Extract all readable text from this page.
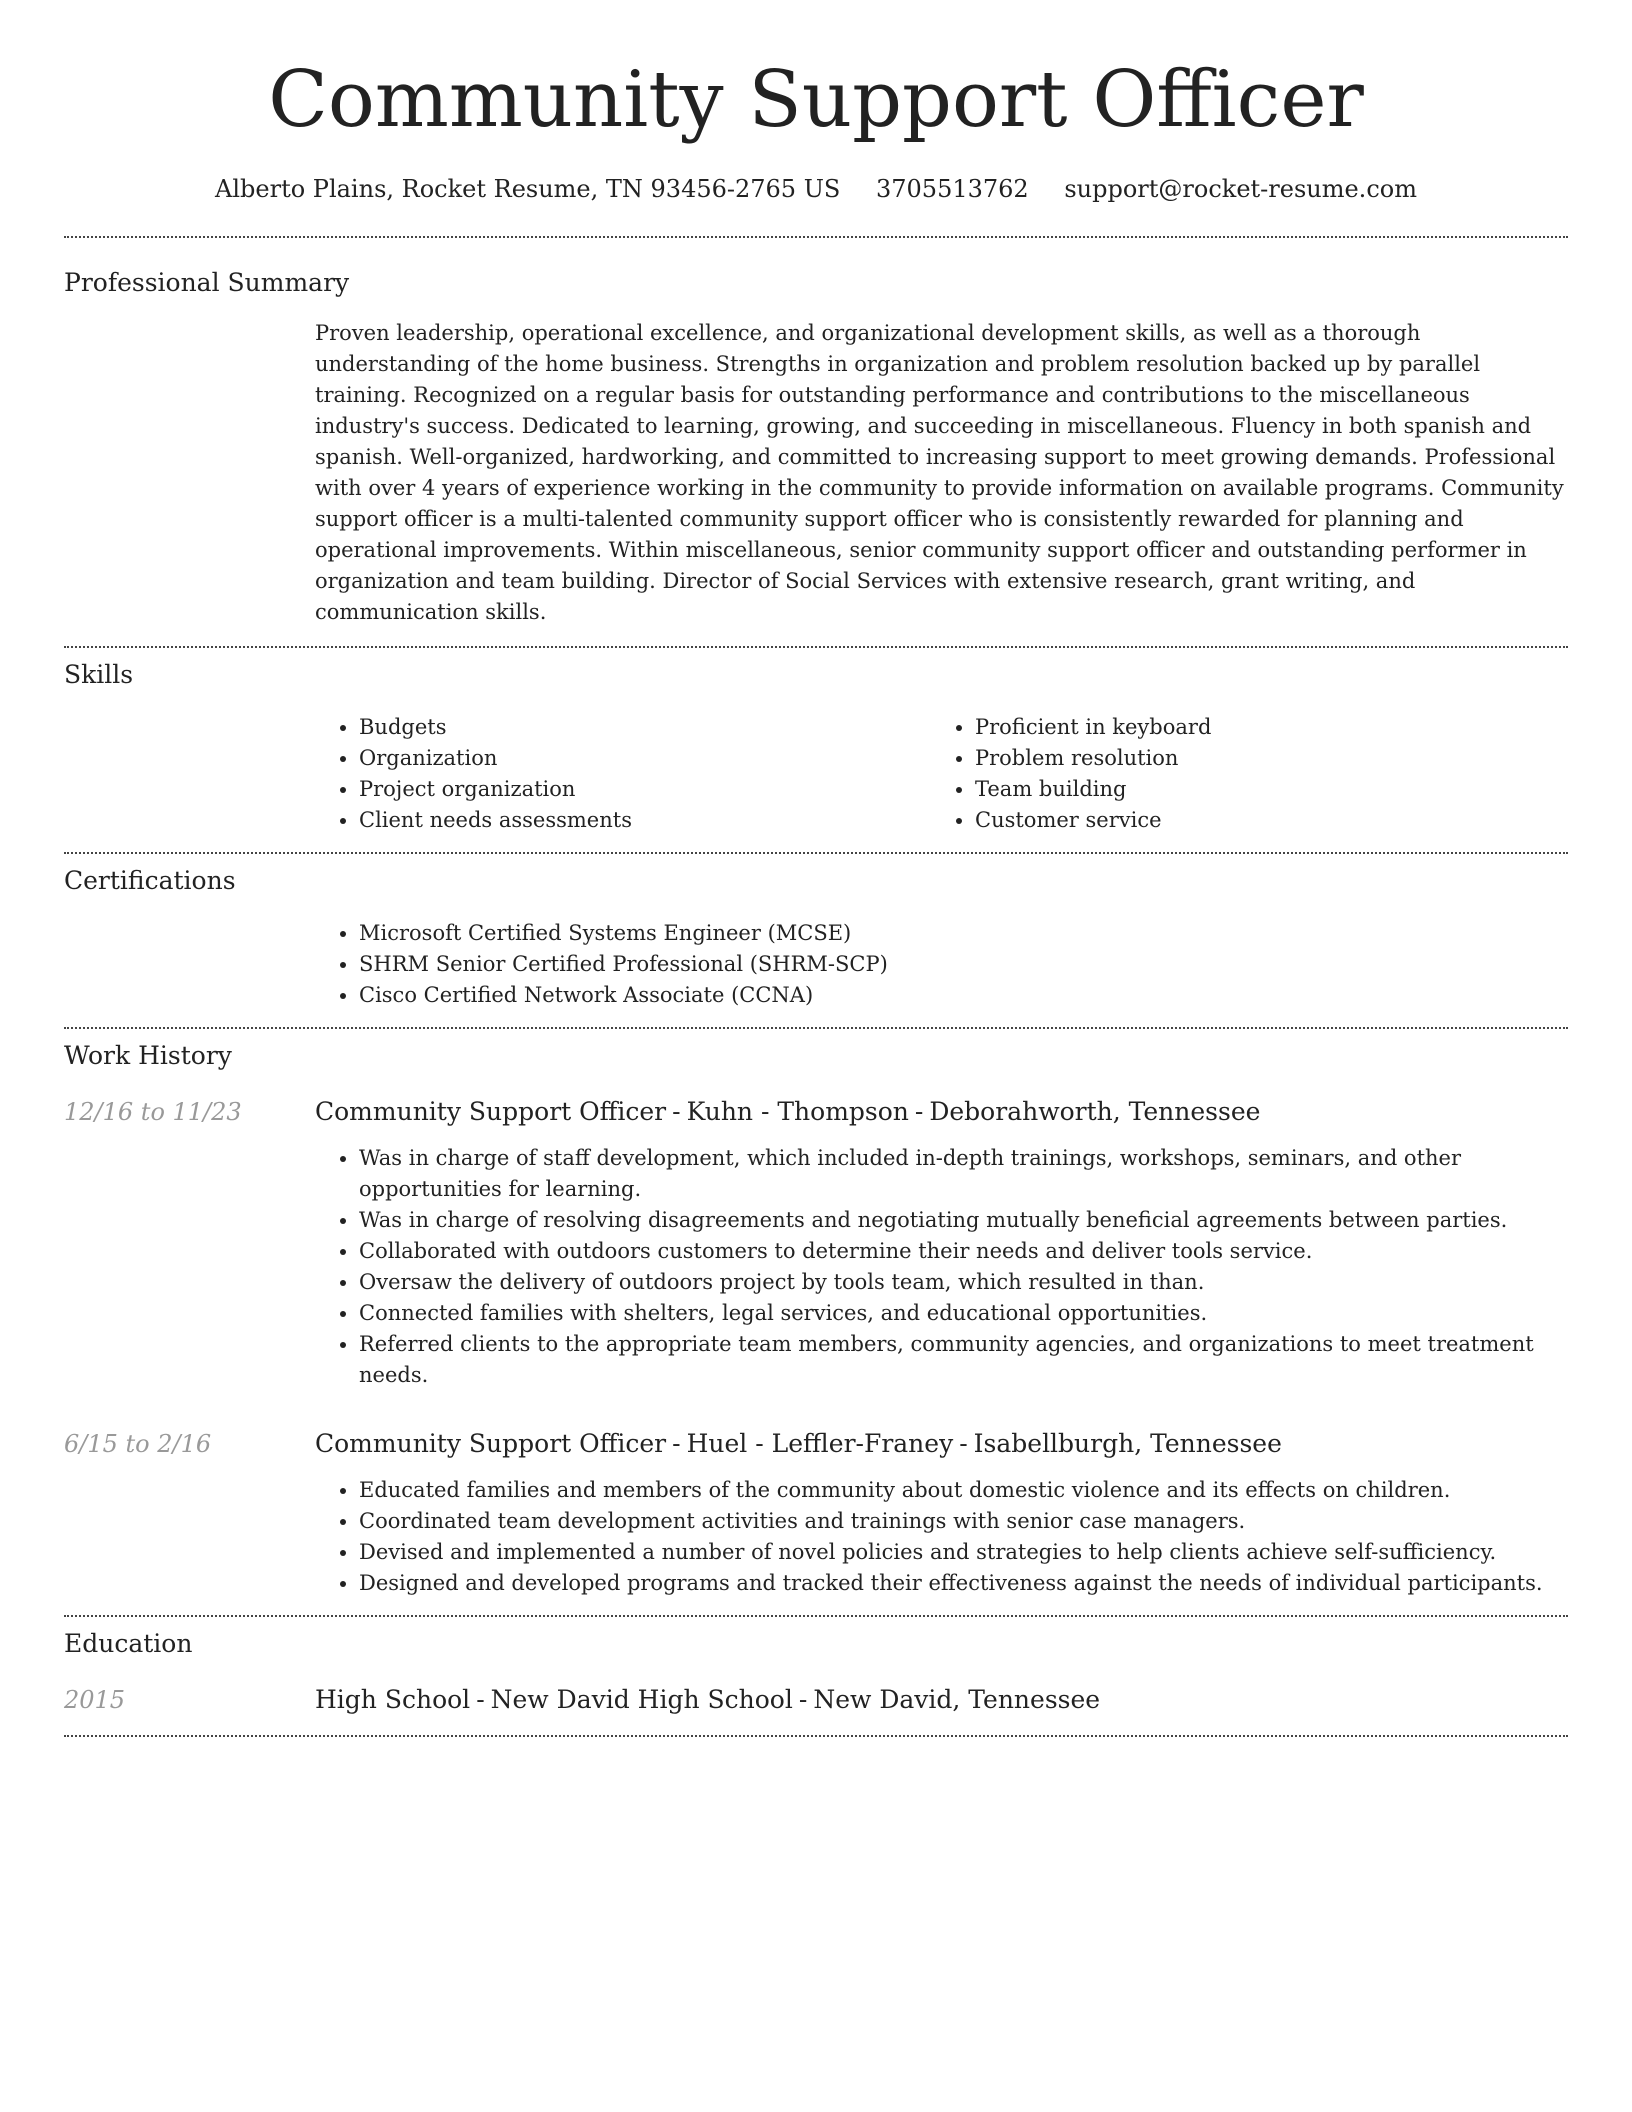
Community Support Officer
Alberto Plains, Rocket Resume, TN 93456-2765 US 3705513762 support@rocket-resume.com
Professional Summary

Proven leadership, operational excellence, and organizational development skills, as well as a thorough understanding of the home business. Strengths in organization and problem resolution backed up by parallel training. Recognized on a regular basis for outstanding performance and contributions to the miscellaneous industry's success. Dedicated to learning, growing, and succeeding in miscellaneous. Fluency in both spanish and spanish. Well-organized, hardworking, and committed to increasing support to meet growing demands. Professional with over 4 years of experience working in the community to provide information on available programs. Community support officer is a multi-talented community support officer who is consistently rewarded for planning and operational improvements. Within miscellaneous, senior community support officer and outstanding performer in organization and team building. Director of Social Services with extensive research, grant writing, and communication skills.

Skills
• Budgets
• Organization
• Project organization
• Client needs assessments
• Proficient in keyboard
• Problem resolution
• Team building
• Customer service
Certifications
• Microsoft Certified Systems Engineer (MCSE)
• SHRM Senior Certified Professional (SHRM-SCP)
• Cisco Certified Network Associate (CCNA)
Work History
12/16 to 11/23	Community Support Officer - Kuhn - Thompson - Deborahworth, Tennessee
• Was in charge of staff development, which included in-depth trainings, workshops, seminars, and other opportunities for learning.
• Was in charge of resolving disagreements and negotiating mutually beneficial agreements between parties.
• Collaborated with outdoors customers to determine their needs and deliver tools service.
• Oversaw the delivery of outdoors project by tools team, which resulted in than.
• Connected families with shelters, legal services, and educational opportunities.
• Referred clients to the appropriate team members, community agencies, and organizations to meet treatment needs.
6/15 to 2/16	Community Support Officer - Huel - Leffler-Franey - Isabellburgh, Tennessee
• Educated families and members of the community about domestic violence and its effects on children.
• Coordinated team development activities and trainings with senior case managers.
• Devised and implemented a number of novel policies and strategies to help clients achieve self-sufficiency.
• Designed and developed programs and tracked their effectiveness against the needs of individual participants.
Education
2015	High School - New David High School - New David, Tennessee
